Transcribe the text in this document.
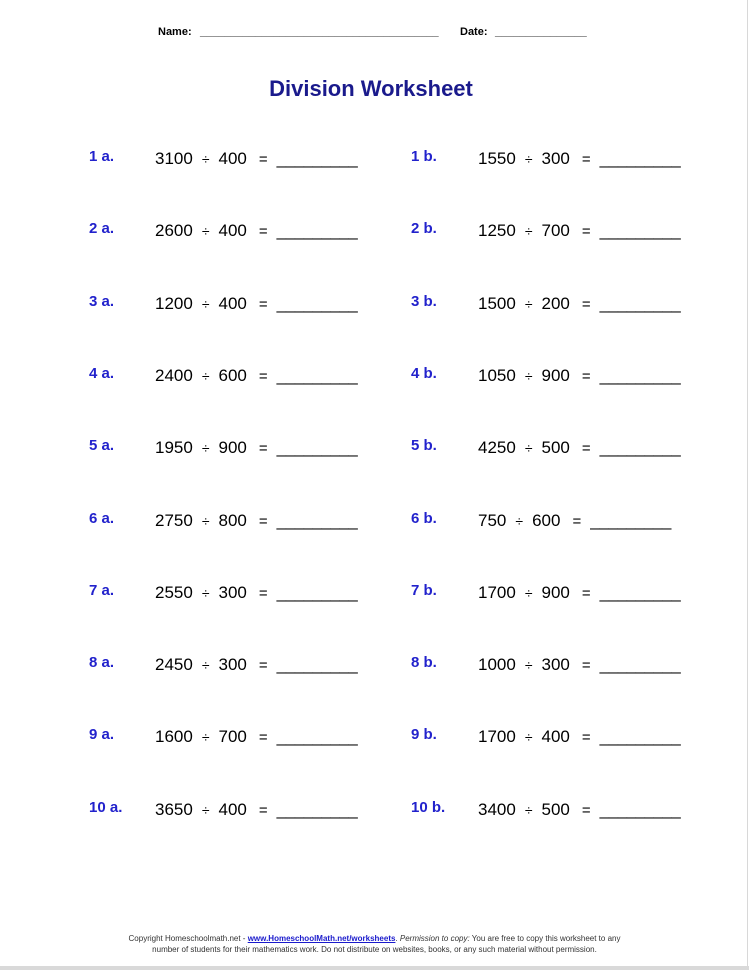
Name: _______________________________________ Date: _______________
Division Worksheet
1 a. 3100 ÷ 400 = _________	1 b. 1550 ÷ 300 = _________
2 a. 2600 ÷ 400 = _________	2 b. 1250 ÷ 700 = _________
3 a. 1200 ÷ 400 = _________	3 b. 1500 ÷ 200 = _________
4 a. 2400 ÷ 600 = _________	4 b. 1050 ÷ 900 = _________
5 a. 1950 ÷ 900 = _________	5 b. 4250 ÷ 500 = _________
6 a. 2750 ÷ 800 = _________	6 b. 750 ÷ 600 = _________
7 a. 2550 ÷ 300 = _________	7 b. 1700 ÷ 900 = _________
8 a. 2450 ÷ 300 = _________	8 b. 1000 ÷ 300 = _________
9 a. 1600 ÷ 700 = _________	9 b. 1700 ÷ 400 = _________
10 a. 3650 ÷ 400 = _________	10 b. 3400 ÷ 500 = _________
Copyright Homeschoolmath.net - www.HomeschoolMath.net/worksheets. Permission to copy: You are free to copy this worksheet to any
number of students for their mathematics work. Do not distribute on websites, books, or any such material without permission.
